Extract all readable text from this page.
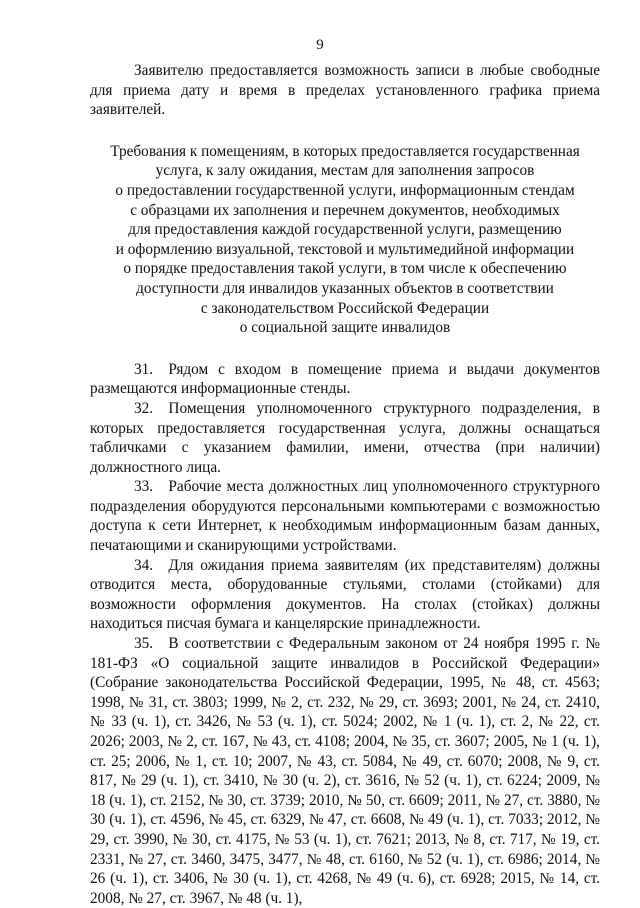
9

Заявителю предоставляется возможность записи в любые свободные для приема дату и время в пределах установленного графика приема заявителей.

Требования к помещениям, в которых предоставляется государственная
услуга, к залу ожидания, местам для заполнения запросов
о предоставлении государственной услуги, информационным стендам
с образцами их заполнения и перечнем документов, необходимых
для предоставления каждой государственной услуги, размещению
и оформлению визуальной, текстовой и мультимедийной информации
о порядке предоставления такой услуги, в том числе к обеспечению
доступности для инвалидов указанных объектов в соответствии
с законодательством Российской Федерации
о социальной защите инвалидов

31. Рядом с входом в помещение приема и выдачи документов размещаются информационные стенды.

32. Помещения уполномоченного структурного подразделения, в которых предоставляется государственная услуга, должны оснащаться табличками с указанием фамилии, имени, отчества (при наличии) должностного лица.

33. Рабочие места должностных лиц уполномоченного структурного подразделения оборудуются персональными компьютерами с возможностью доступа к сети Интернет, к необходимым информационным базам данных, печатающими и сканирующими устройствами.

34. Для ожидания приема заявителям (их представителям) должны отводится места, оборудованные стульями, столами (стойками) для возможности оформления документов. На столах (стойках) должны находиться писчая бумага и канцелярские принадлежности.

35. В соответствии с Федеральным законом от 24 ноября 1995 г. № 181-ФЗ «О социальной защите инвалидов в Российской Федерации» (Собрание законодательства Российской Федерации, 1995, № 48, ст. 4563; 1998, № 31, ст. 3803; 1999, № 2, ст. 232, № 29, ст. 3693; 2001, № 24, ст. 2410, № 33 (ч. 1), ст. 3426, № 53 (ч. 1), ст. 5024; 2002, № 1 (ч. 1), ст. 2, № 22, ст. 2026; 2003, № 2, ст. 167, № 43, ст. 4108; 2004, № 35, ст. 3607; 2005, № 1 (ч. 1), ст. 25; 2006, № 1, ст. 10; 2007, № 43, ст. 5084, № 49, ст. 6070; 2008, № 9, ст. 817, № 29 (ч. 1), ст. 3410, № 30 (ч. 2), ст. 3616, № 52 (ч. 1), ст. 6224; 2009, № 18 (ч. 1), ст. 2152, № 30, ст. 3739; 2010, № 50, ст. 6609; 2011, № 27, ст. 3880, № 30 (ч. 1), ст. 4596, № 45, ст. 6329, № 47, ст. 6608, № 49 (ч. 1), ст. 7033; 2012, № 29, ст. 3990, № 30, ст. 4175, № 53 (ч. 1), ст. 7621; 2013, № 8, ст. 717, № 19, ст. 2331, № 27, ст. 3460, 3475, 3477, № 48, ст. 6160, № 52 (ч. 1), ст. 6986; 2014, № 26 (ч. 1), ст. 3406, № 30 (ч. 1), ст. 4268, № 49 (ч. 6), ст. 6928; 2015, № 14, ст. 2008, № 27, ст. 3967, № 48 (ч. 1),
